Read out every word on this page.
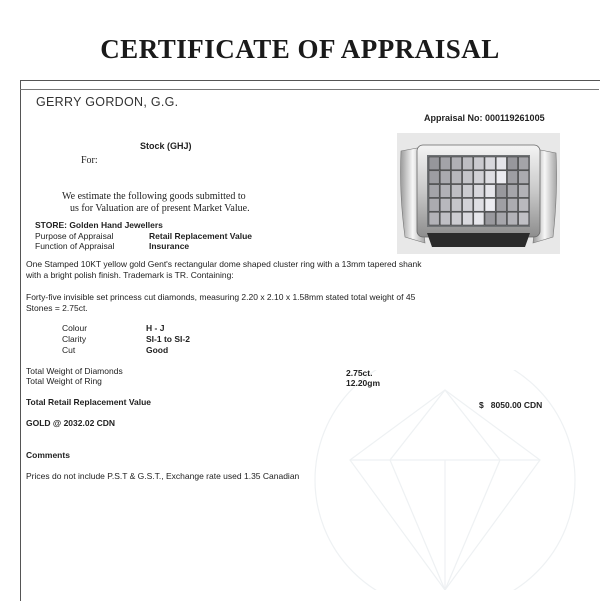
CERTIFICATE OF APPRAISAL
GERRY GORDON, G.G.
Appraisal No: 000119261005
Stock (GHJ)
For:
We estimate the following goods submitted to
us for Valuation are of present Market Value.
STORE: Golden Hand Jewellers
Purpose of Appraisal	Retail Replacement Value
Function of Appraisal	Insurance
One Stamped 10KT yellow gold Gent's rectangular dome shaped cluster ring with a 13mm tapered shank
with a bright polish finish. Trademark is TR. Containing:
Forty-five invisible set princess cut diamonds, measuring 2.20 x 2.10 x 1.58mm stated total weight of 45
Stones = 2.75ct.
Colour	H - J
Clarity	SI-1 to SI-2
Cut	Good
Total Weight of Diamonds	2.75ct.
Total Weight of Ring	12.20gm
Total Retail Replacement Value	$   8050.00 CDN
GOLD @ 2032.02 CDN
Comments
Prices do not include P.S.T & G.S.T., Exchange rate used 1.35 Canadian
